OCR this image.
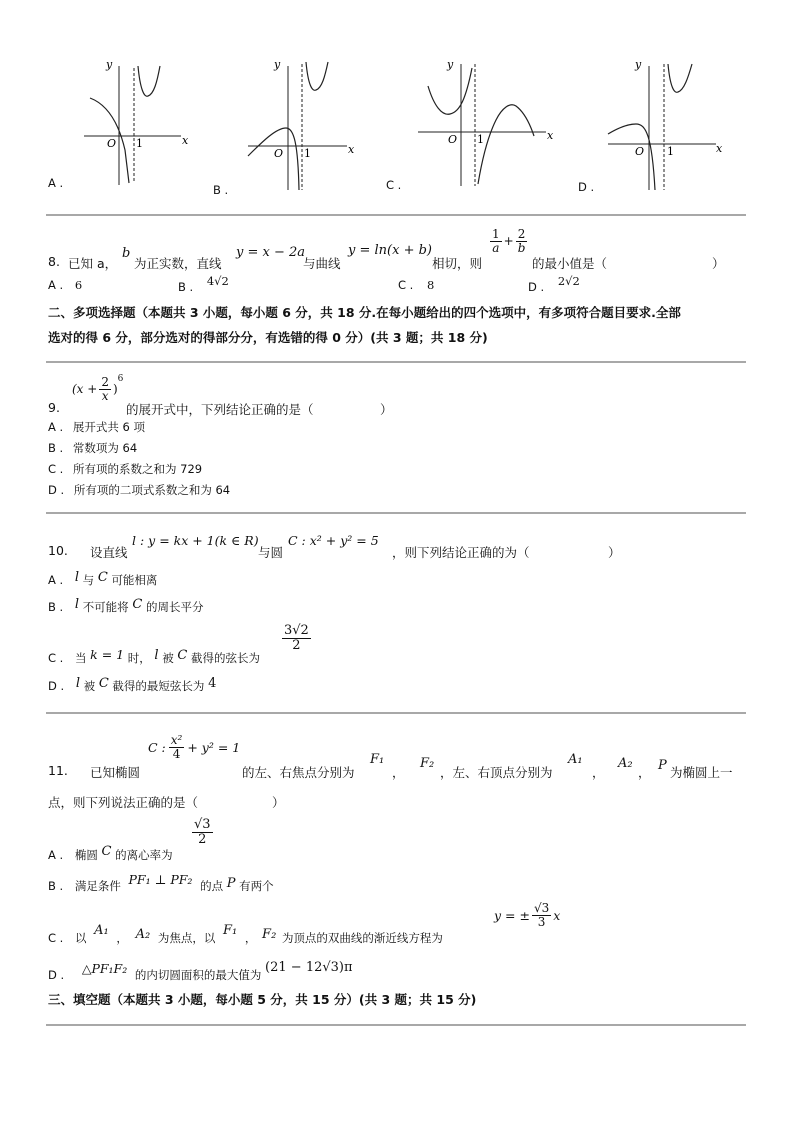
y
x
O 1
A .
y
x
O 1
B .
y
x
O 1
C .
y
x
O 1
D .
8. 已知 a，
b
为正实数，直线
y = x − 2a
与曲线
y = ln(x + b)
相切，则
$\frac{1}{a} + \frac{2}{b}$
的最小值是（	）
A . 6	B . 4√2	C . 8	D . 2√2
二、多项选择题（本题共 3 小题，每小题 6 分，共 18 分.在每小题给出的四个选项中，有多项符合题目要求.全部
选对的得 6 分，部分选对的得部分分，有选错的得 0 分）(共 3 题；共 18 分)
9.
($x + \frac{2}{x}$ )
6
的展开式中，下列结论正确的是（	）
A . 展开式共 6 项
B . 常数项为 64
C . 所有项的系数之和为 729
D . 所有项的二项式系数之和为 64
10. 设直线
l : y = kx + 1(k ∈ R)
与圆
C : x² + y² = 5
，则下列结论正确的为（	）
A . l 与 C 可能相离
B . l 不可能将 C 的周长平分
C . 当 k = 1 时， l 被 C 截得的弦长为
$\frac{3√2}{2}$
D . l 被 C 截得的最短弦长为 4
11. 已知椭圆
C : $\frac{\text{x²}}{4} + y^2 = 1$
的左、右焦点分别为
F₁
，
F₂
，左、右顶点分别为
A₁
，
A₂
， P 为椭圆上一
点，则下列说法正确的是（	）
A . 椭圆 C 的离心率为
$\frac{√3}{2}$
B . 满足条件 PF₁ ⊥ PF₂ 的点 P 有两个
C . 以 A₁ ， A₂ 为焦点，以 F₁ ， F₂ 为顶点的双曲线的渐近线方程为
y = ± $\frac{√3}{3}$ x
D . △PF₁F₂ 的内切圆面积的最大值为 (21 − 12√3)π
三、填空题（本题共 3 小题，每小题 5 分，共 15 分）(共 3 题；共 15 分)
